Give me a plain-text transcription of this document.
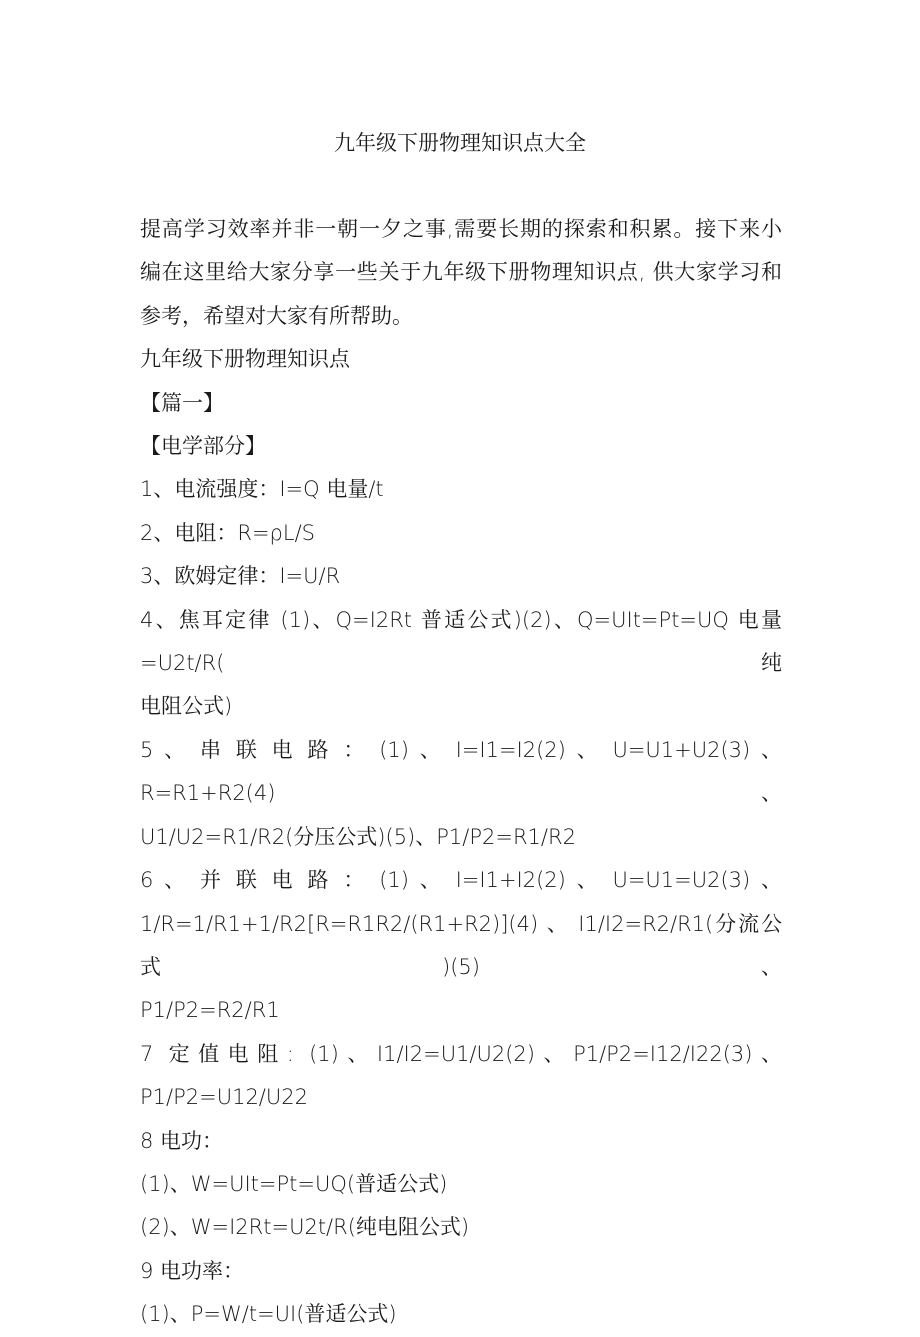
九年级下册物理知识点大全
提高学习效率并非一朝一夕之事,需要长期的探索和积累。接下来小
编在这里给大家分享一些关于九年级下册物理知识点, 供大家学习和
参考，希望对大家有所帮助。
九年级下册物理知识点
【篇一】
【电学部分】
1、电流强度：I=Q 电量/t
2、电阻：R=ρL/S
3、欧姆定律：I=U/R
4、焦耳定律 (1)、Q=I2Rt 普适公式)(2)、Q=UIt=Pt=UQ 电量=U2t/R(纯
电阻公式)
5 、 串 联 电 路 ： (1) 、 I=I1=I2(2) 、 U=U1+U2(3) 、 R=R1+R2(4) 、
U1/U2=R1/R2(分压公式)(5)、P1/P2=R1/R2
6 、 并 联 电 路 ： (1) 、 I=I1+I2(2) 、 U=U1=U2(3) 、
1/R=1/R1+1/R2[R=R1R2/(R1+R2)](4) 、 I1/I2=R2/R1(分流公式)(5)、
P1/P2=R2/R1
7 定值电阻: (1)、I1/I2=U1/U2(2)、P1/P2=I12/I22(3)、P1/P2=U12/U22
8 电功：
(1)、W=UIt=Pt=UQ(普适公式)
(2)、W=I2Rt=U2t/R(纯电阻公式)
9 电功率：
(1)、P=W/t=UI(普适公式)
